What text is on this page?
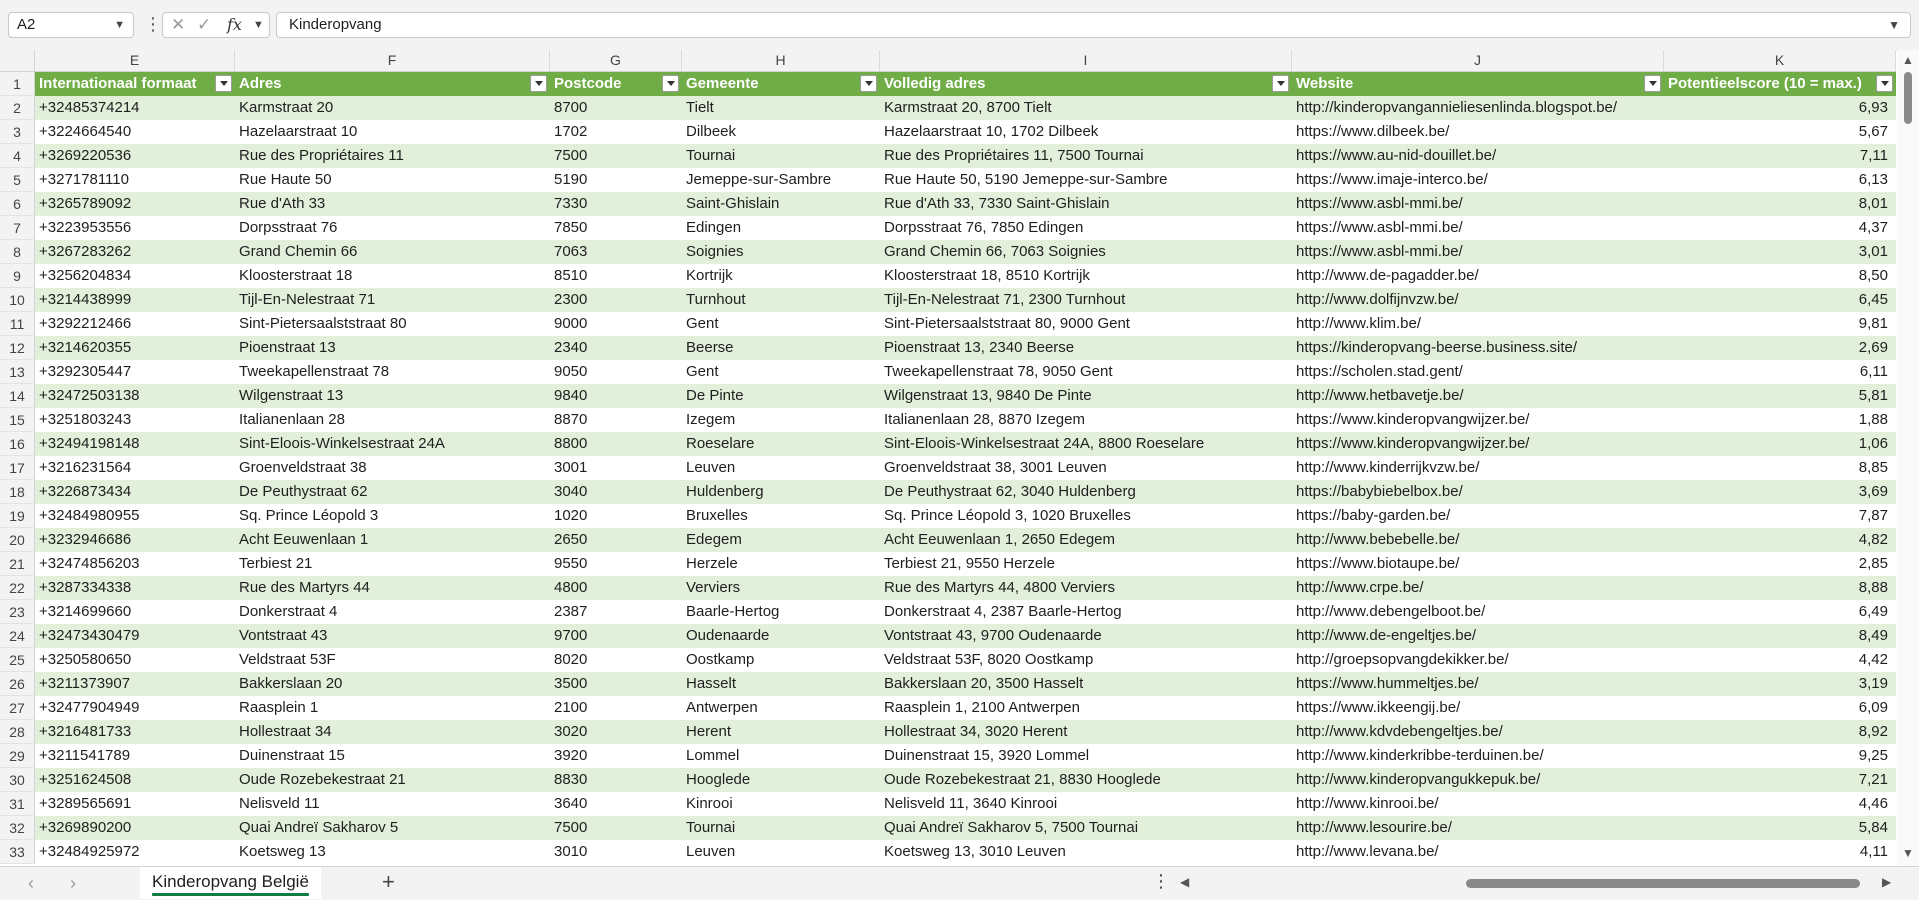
A2	▼ ⋮ ✕ ✓ fx ▼	Kinderopvang	▼
E	F	G	H	I	J	K
1	Internationaal formaat	Adres	Postcode	Gemeente	Volledig adres	Website	Potentieelscore (10 = max.)
2	+32485374214	Karmstraat 20	8700	Tielt	Karmstraat 20, 8700 Tielt	http://kinderopvangannieliesenlinda.blogspot.be/	6,93
3	+3224664540	Hazelaarstraat 10	1702	Dilbeek	Hazelaarstraat 10, 1702 Dilbeek	https://www.dilbeek.be/	5,67
4	+3269220536	Rue des Propriétaires 11	7500	Tournai	Rue des Propriétaires 11, 7500 Tournai	https://www.au-nid-douillet.be/	7,11
5	+3271781110	Rue Haute 50	5190	Jemeppe-sur-Sambre	Rue Haute 50, 5190 Jemeppe-sur-Sambre	https://www.imaje-interco.be/	6,13
6	+3265789092	Rue d'Ath 33	7330	Saint-Ghislain	Rue d'Ath 33, 7330 Saint-Ghislain	https://www.asbl-mmi.be/	8,01
7	+3223953556	Dorpsstraat 76	7850	Edingen	Dorpsstraat 76, 7850 Edingen	https://www.asbl-mmi.be/	4,37
8	+3267283262	Grand Chemin 66	7063	Soignies	Grand Chemin 66, 7063 Soignies	https://www.asbl-mmi.be/	3,01
9	+3256204834	Kloosterstraat 18	8510	Kortrijk	Kloosterstraat 18, 8510 Kortrijk	http://www.de-pagadder.be/	8,50
10 +3214438999	Tijl-En-Nelestraat 71	2300	Turnhout	Tijl-En-Nelestraat 71, 2300 Turnhout	http://www.dolfijnvzw.be/	6,45
11 +3292212466	Sint-Pietersaalststraat 80	9000	Gent	Sint-Pietersaalststraat 80, 9000 Gent	http://www.klim.be/	9,81
12 +3214620355	Pioenstraat 13	2340	Beerse	Pioenstraat 13, 2340 Beerse	https://kinderopvang-beerse.business.site/	2,69
13 +3292305447	Tweekapellenstraat 78	9050	Gent	Tweekapellenstraat 78, 9050 Gent	https://scholen.stad.gent/	6,11
14 +32472503138	Wilgenstraat 13	9840	De Pinte	Wilgenstraat 13, 9840 De Pinte	http://www.hetbavetje.be/	5,81
15 +3251803243	Italianenlaan 28	8870	Izegem	Italianenlaan 28, 8870 Izegem	https://www.kinderopvangwijzer.be/	1,88
16 +32494198148	Sint-Eloois-Winkelsestraat 24A	8800	Roeselare	Sint-Eloois-Winkelsestraat 24A, 8800 Roeselare	https://www.kinderopvangwijzer.be/	1,06
17 +3216231564	Groenveldstraat 38	3001	Leuven	Groenveldstraat 38, 3001 Leuven	http://www.kinderrijkvzw.be/	8,85
18 +3226873434	De Peuthystraat 62	3040	Huldenberg	De Peuthystraat 62, 3040 Huldenberg	https://babybiebelbox.be/	3,69
19 +32484980955	Sq. Prince Léopold 3	1020	Bruxelles	Sq. Prince Léopold 3, 1020 Bruxelles	https://baby-garden.be/	7,87
20 +3232946686	Acht Eeuwenlaan 1	2650	Edegem	Acht Eeuwenlaan 1, 2650 Edegem	http://www.bebebelle.be/	4,82
21 +32474856203	Terbiest 21	9550	Herzele	Terbiest 21, 9550 Herzele	https://www.biotaupe.be/	2,85
22 +3287334338	Rue des Martyrs 44	4800	Verviers	Rue des Martyrs 44, 4800 Verviers	http://www.crpe.be/	8,88
23 +3214699660	Donkerstraat 4	2387	Baarle-Hertog	Donkerstraat 4, 2387 Baarle-Hertog	http://www.debengelboot.be/	6,49
24 +32473430479	Vontstraat 43	9700	Oudenaarde	Vontstraat 43, 9700 Oudenaarde	http://www.de-engeltjes.be/	8,49
25 +3250580650	Veldstraat 53F	8020	Oostkamp	Veldstraat 53F, 8020 Oostkamp	http://groepsopvangdekikker.be/	4,42
26 +3211373907	Bakkerslaan 20	3500	Hasselt	Bakkerslaan 20, 3500 Hasselt	https://www.hummeltjes.be/	3,19
27 +32477904949	Raasplein 1	2100	Antwerpen	Raasplein 1, 2100 Antwerpen	https://www.ikkeengij.be/	6,09
28 +3216481733	Hollestraat 34	3020	Herent	Hollestraat 34, 3020 Herent	http://www.kdvdebengeltjes.be/	8,92
29 +3211541789	Duinenstraat 15	3920	Lommel	Duinenstraat 15, 3920 Lommel	http://www.kinderkribbe-terduinen.be/	9,25
30 +3251624508	Oude Rozebekestraat 21	8830	Hooglede	Oude Rozebekestraat 21, 8830 Hooglede	http://www.kinderopvangukkepuk.be/	7,21
31 +3289565691	Nelisveld 11	3640	Kinrooi	Nelisveld 11, 3640 Kinrooi	http://www.kinrooi.be/	4,46
32 +3269890200	Quai Andreï Sakharov 5	7500	Tournai	Quai Andreï Sakharov 5, 7500 Tournai	http://www.lesourire.be/	5,84
33 +32484925972	Koetsweg 13	3010	Leuven	Koetsweg 13, 3010 Leuven	http://www.levana.be/	4,11
▲
▼
‹ ›	Kinderopvang België	+	⋮ ◀	▶
